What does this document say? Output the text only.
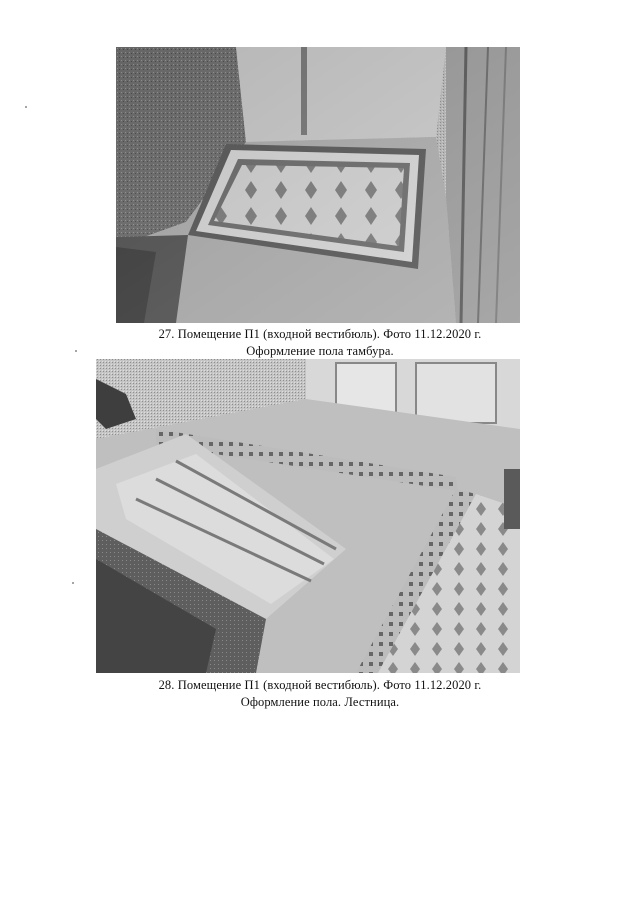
27. Помещение П1 (входной вестибюль). Фото 11.12.2020 г.
Оформление пола тамбура.
28. Помещение П1 (входной вестибюль). Фото 11.12.2020 г.
Оформление пола. Лестница.
